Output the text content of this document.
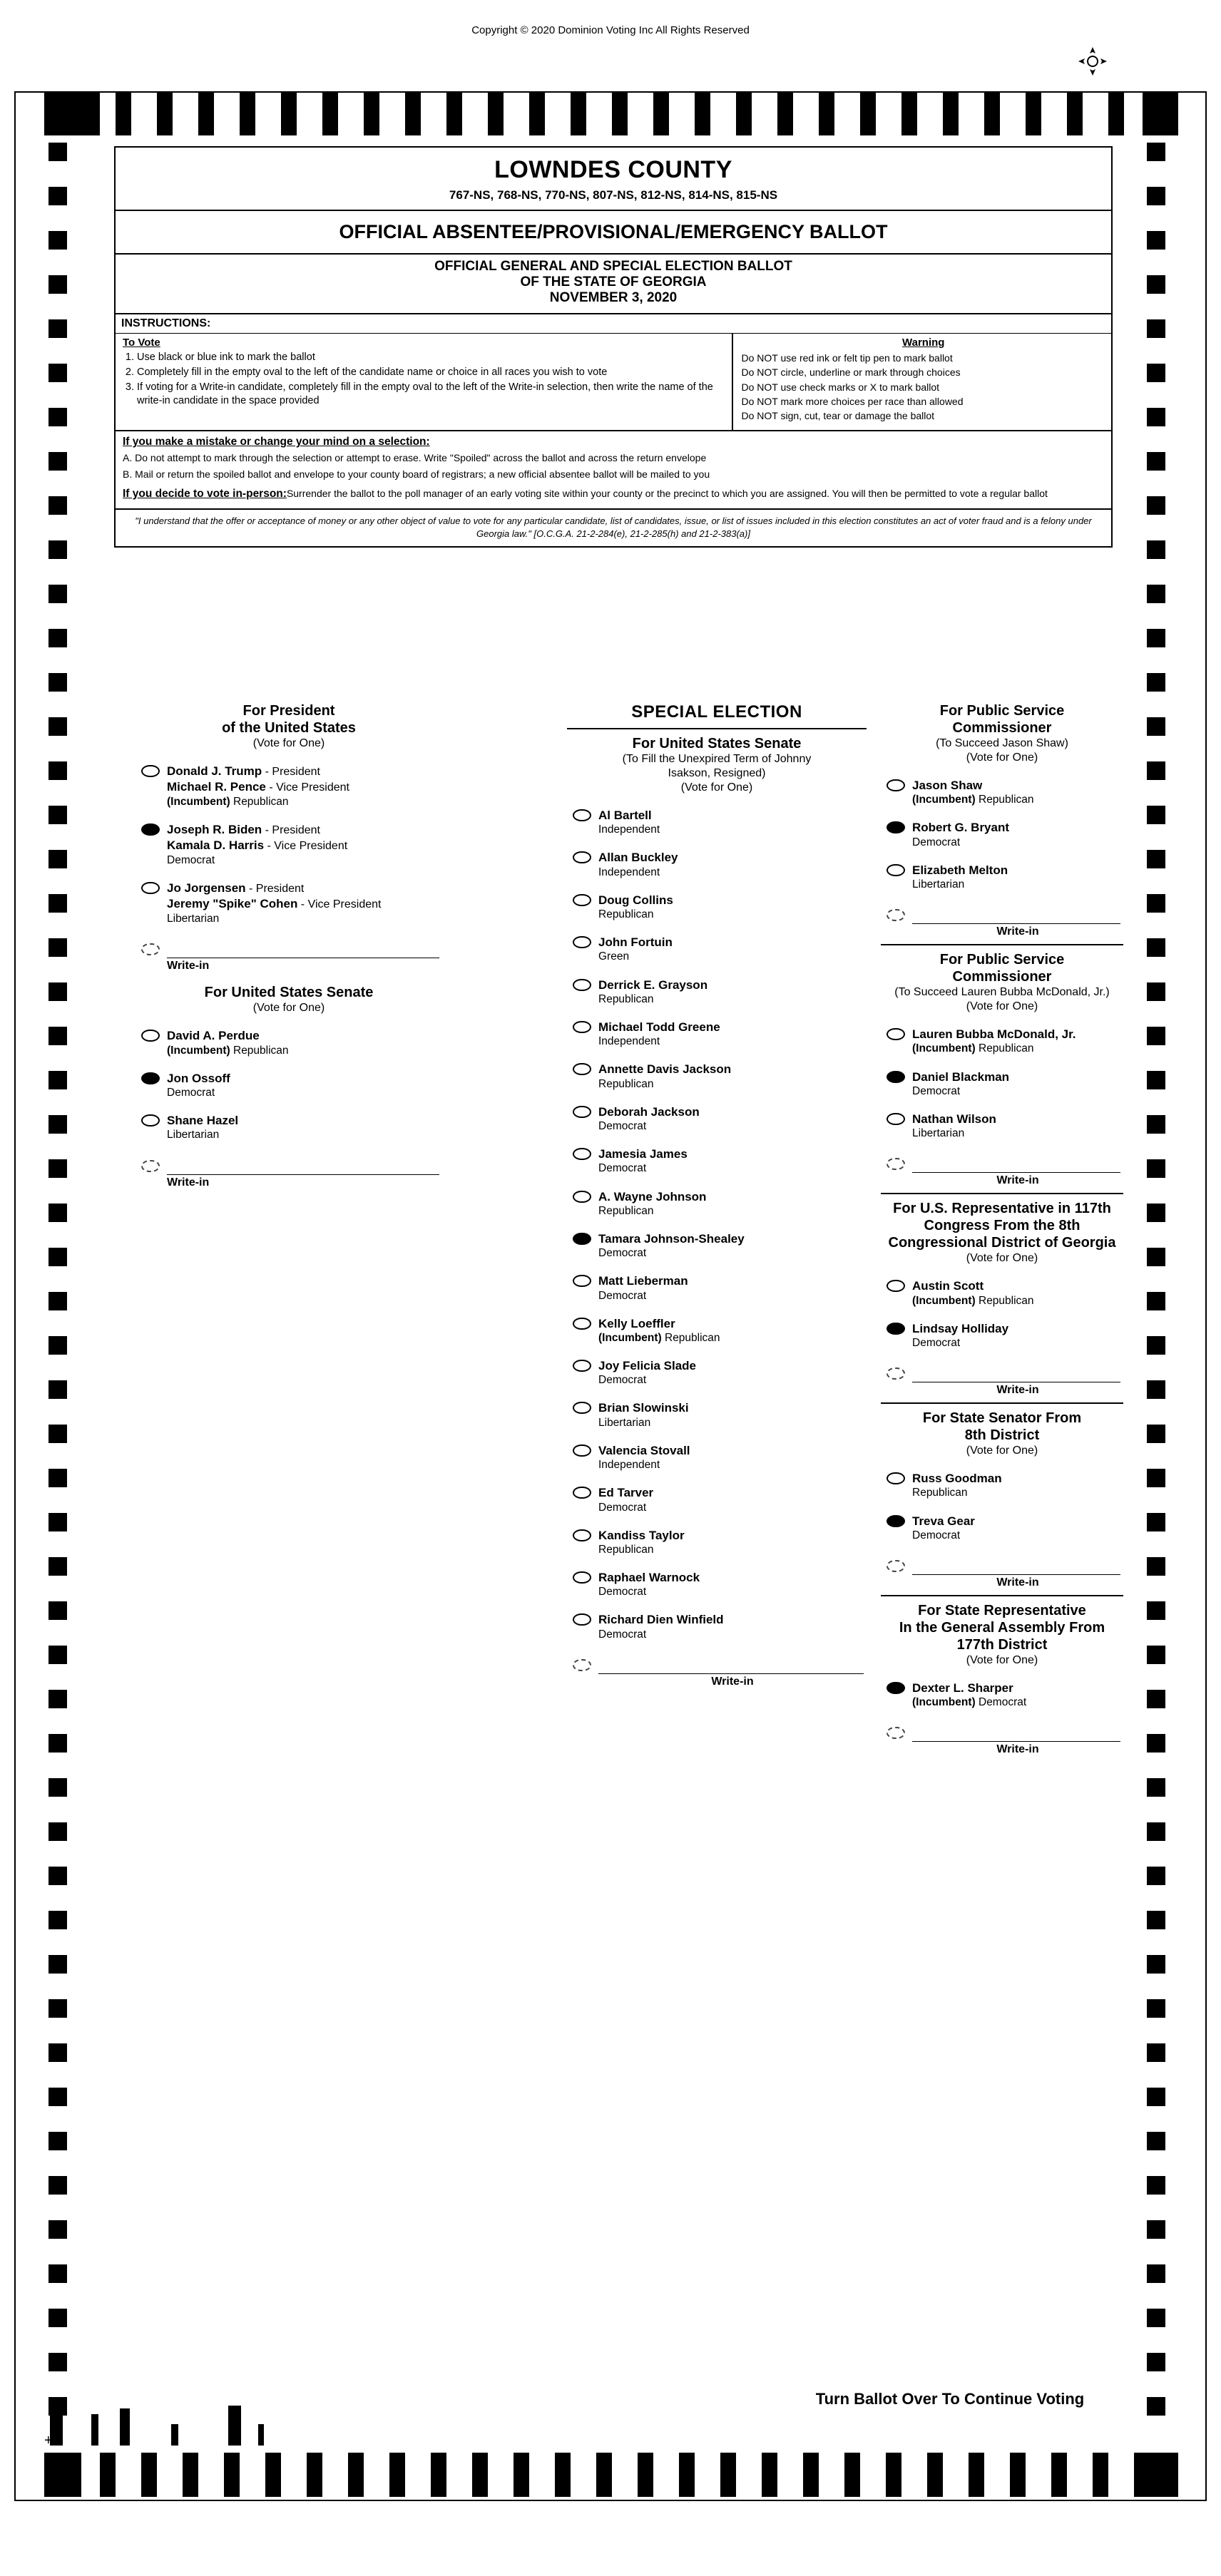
Copyright © 2020 Dominion Voting Inc All Rights Reserved
LOWNDES COUNTY
767-NS, 768-NS, 770-NS, 807-NS, 812-NS, 814-NS, 815-NS
OFFICIAL ABSENTEE/PROVISIONAL/EMERGENCY BALLOT
OFFICIAL GENERAL AND SPECIAL ELECTION BALLOT
OF THE STATE OF GEORGIA
NOVEMBER 3, 2020
INSTRUCTIONS:
To Vote
1. Use black or blue ink to mark the ballot
2. Completely fill in the empty oval to the left of the candidate name or choice in all races you wish to vote
3. If voting for a Write-in candidate, completely fill in the empty oval to the left of the Write-in selection, then write the name of the write-in candidate in the space provided
Warning
Do NOT use red ink or felt tip pen to mark ballot
Do NOT circle, underline or mark through choices
Do NOT use check marks or X to mark ballot
Do NOT mark more choices per race than allowed
Do NOT sign, cut, tear or damage the ballot
If you make a mistake or change your mind on a selection:
A. Do not attempt to mark through the selection or attempt to erase. Write "Spoiled" across the ballot and across the return envelope
B. Mail or return the spoiled ballot and envelope to your county board of registrars; a new official absentee ballot will be mailed to you
If you decide to vote in-person:Surrender the ballot to the poll manager of an early voting site within your county or the precinct to which you are assigned. You will then be permitted to vote a regular ballot
"I understand that the offer or acceptance of money or any other object of value to vote for any particular candidate, list of candidates, issue, or list of issues included in this election constitutes an act of voter fraud and is a felony under Georgia law." [O.C.G.A. 21-2-284(e), 21-2-285(h) and 21-2-383(a)]
For President
of the United States
(Vote for One)
Donald J. Trump - President
Michael R. Pence - Vice President
(Incumbent) Republican
Joseph R. Biden - President
Kamala D. Harris - Vice President
Democrat
Jo Jorgensen - President
Jeremy "Spike" Cohen - Vice President
Libertarian
Write-in
For United States Senate
(Vote for One)
David A. Perdue
(Incumbent) Republican
Jon Ossoff
Democrat
Shane Hazel
Libertarian
Write-in
SPECIAL ELECTION
For United States Senate
(To Fill the Unexpired Term of Johnny
Isakson, Resigned)
(Vote for One)
Al Bartell
Independent
Allan Buckley
Independent
Doug Collins
Republican
John Fortuin
Green
Derrick E. Grayson
Republican
Michael Todd Greene
Independent
Annette Davis Jackson
Republican
Deborah Jackson
Democrat
Jamesia James
Democrat
A. Wayne Johnson
Republican
Tamara Johnson-Shealey
Democrat
Matt Lieberman
Democrat
Kelly Loeffler
(Incumbent) Republican
Joy Felicia Slade
Democrat
Brian Slowinski
Libertarian
Valencia Stovall
Independent
Ed Tarver
Democrat
Kandiss Taylor
Republican
Raphael Warnock
Democrat
Richard Dien Winfield
Democrat
Write-in
For Public Service
Commissioner
(To Succeed Jason Shaw)
(Vote for One)
Jason Shaw
(Incumbent) Republican
Robert G. Bryant
Democrat
Elizabeth Melton
Libertarian
Write-in
For Public Service
Commissioner
(To Succeed Lauren Bubba McDonald, Jr.)
(Vote for One)
Lauren Bubba McDonald, Jr.
(Incumbent) Republican
Daniel Blackman
Democrat
Nathan Wilson
Libertarian
Write-in
For U.S. Representative in 117th
Congress From the 8th
Congressional District of Georgia
(Vote for One)
Austin Scott
(Incumbent) Republican
Lindsay Holliday
Democrat
Write-in
For State Senator From
8th District
(Vote for One)
Russ Goodman
Republican
Treva Gear
Democrat
Write-in
For State Representative
In the General Assembly From
177th District
(Vote for One)
Dexter L. Sharper
(Incumbent) Democrat
Write-in
Turn Ballot Over To Continue Voting
+
